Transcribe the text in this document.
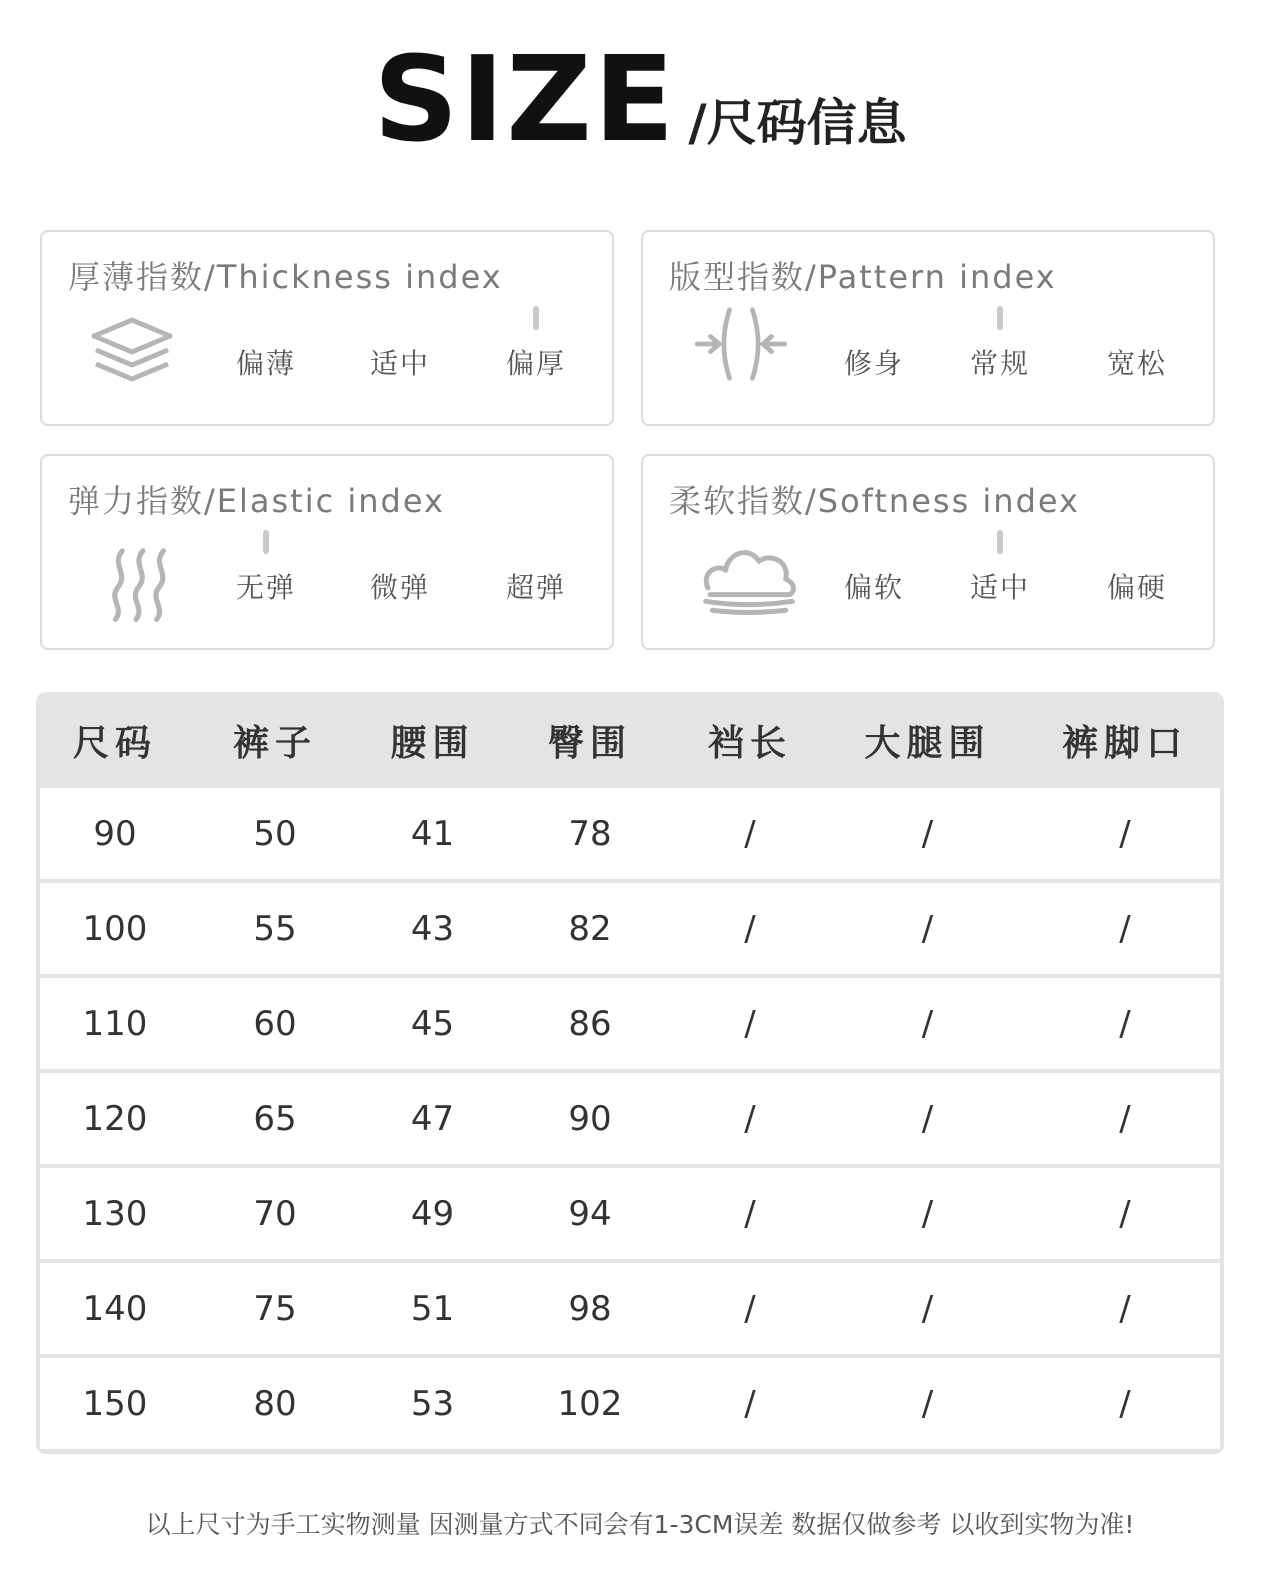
SIZE /尺码信息
厚薄指数/Thickness index
偏薄	适中	偏厚
版型指数/Pattern index
修身 常规	宽松
弹力指数/Elastic index
无弹	微弹	超弹
柔软指数/Softness index
偏软 适中	偏硬
尺码	裤子	腰围	臀围	裆长	大腿围	裤脚口
90	50	41	78	/	/	/
100	55	43	82	/	/	/
110	60	45	86	/	/	/
120	65	47	90	/	/	/
130	70	49	94	/	/	/
140	75	51	98	/	/	/
150	80	53	102	/	/	/
以上尺寸为手工实物测量 因测量方式不同会有1-3CM误差 数据仅做参考 以收到实物为准!
